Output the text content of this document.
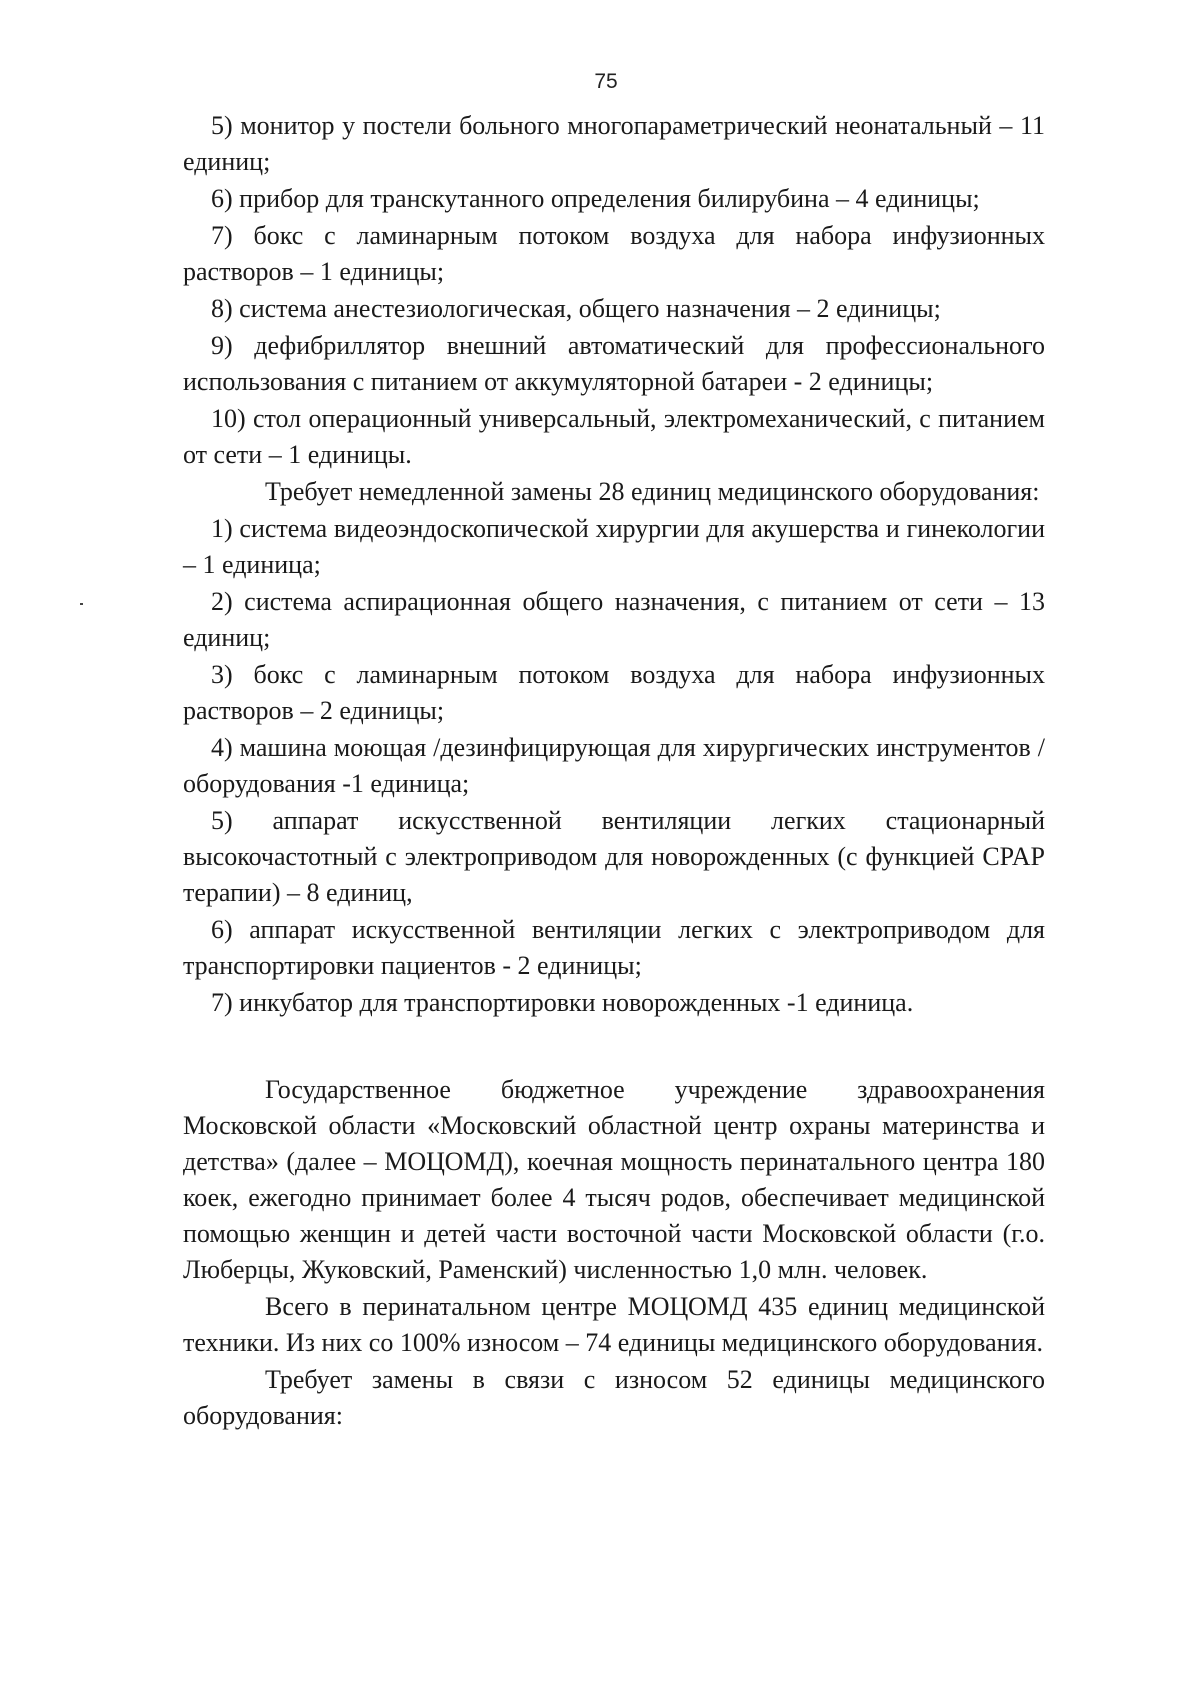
75

5) монитор у постели больного многопараметрический неонатальный – 11 единиц;

6) прибор для транскутанного определения билирубина – 4 единицы;

7) бокс с ламинарным потоком воздуха для набора инфузионных растворов – 1 единицы;

8) система анестезиологическая, общего назначения – 2 единицы;

9) дефибриллятор внешний автоматический для профессионального использования с питанием от аккумуляторной батареи - 2 единицы;

10) стол операционный универсальный, электромеханический, с питанием от сети – 1 единицы.

Требует немедленной замены 28 единиц медицинского оборудования:

1) система видеоэндоскопической хирургии для акушерства и гинекологии – 1 единица;

2) система аспирационная общего назначения, с питанием от сети – 13 единиц;

3) бокс с ламинарным потоком воздуха для набора инфузионных растворов – 2 единицы;

4) машина моющая /дезинфицирующая для хирургических инструментов /оборудования -1 единица;

5) аппарат искусственной вентиляции легких стационарный высокочастотный с электроприводом для новорожденных (с функцией CPAP терапии) – 8 единиц,

6) аппарат искусственной вентиляции легких с электроприводом для транспортировки пациентов - 2 единицы;

7) инкубатор для транспортировки новорожденных -1 единица.

Государственное бюджетное учреждение здравоохранения Московской области «Московский областной центр охраны материнства и детства» (далее – МОЦОМД), коечная мощность перинатального центра 180 коек, ежегодно принимает более 4 тысяч родов, обеспечивает медицинской помощью женщин и детей части восточной части Московской области (г.о. Люберцы, Жуковский, Раменский) численностью 1,0 млн. человек.

Всего в перинатальном центре МОЦОМД 435 единиц медицинской техники. Из них со 100% износом – 74 единицы медицинского оборудования.

Требует замены в связи с износом 52 единицы медицинского оборудования:
